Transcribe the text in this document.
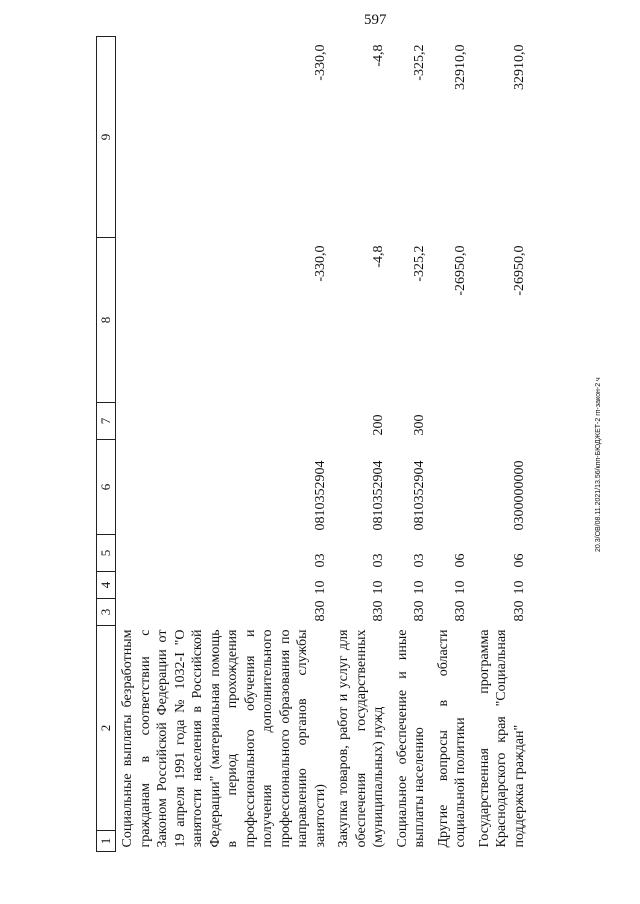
597
1	2	3	4	5	6	7	8	9
Социальные выплаты безработным гражданам в соответствии с Законом Российской Федерации от 19 апреля 1991 года № 1032-I "О занятости населения в Российской Федерации" (материальная помощь в период прохождения профессионального обучения и получения дополнительного профессионального образования по направлению органов службы занятости)		830	10	03	0810352904		-330,0	-330,0
Закупка товаров, работ и услуг для обеспечения государственных (муниципальных) нужд		830	10	03	0810352904	200	-4,8	-4,8
Социальное обеспечение и иные выплаты населению		830	10	03	0810352904	300	-325,2	-325,2
Другие вопросы в области социальной политики		830	10	06			-26950,0	32910,0
Государственная программа Краснодарского края "Социальная поддержка граждан"		830	10	06	0300000000		-26950,0	32910,0
20.3/ОВ/08.11.2021/13.56/кпп-БЮДЖЕТ-2 гп-закон-2 ч
